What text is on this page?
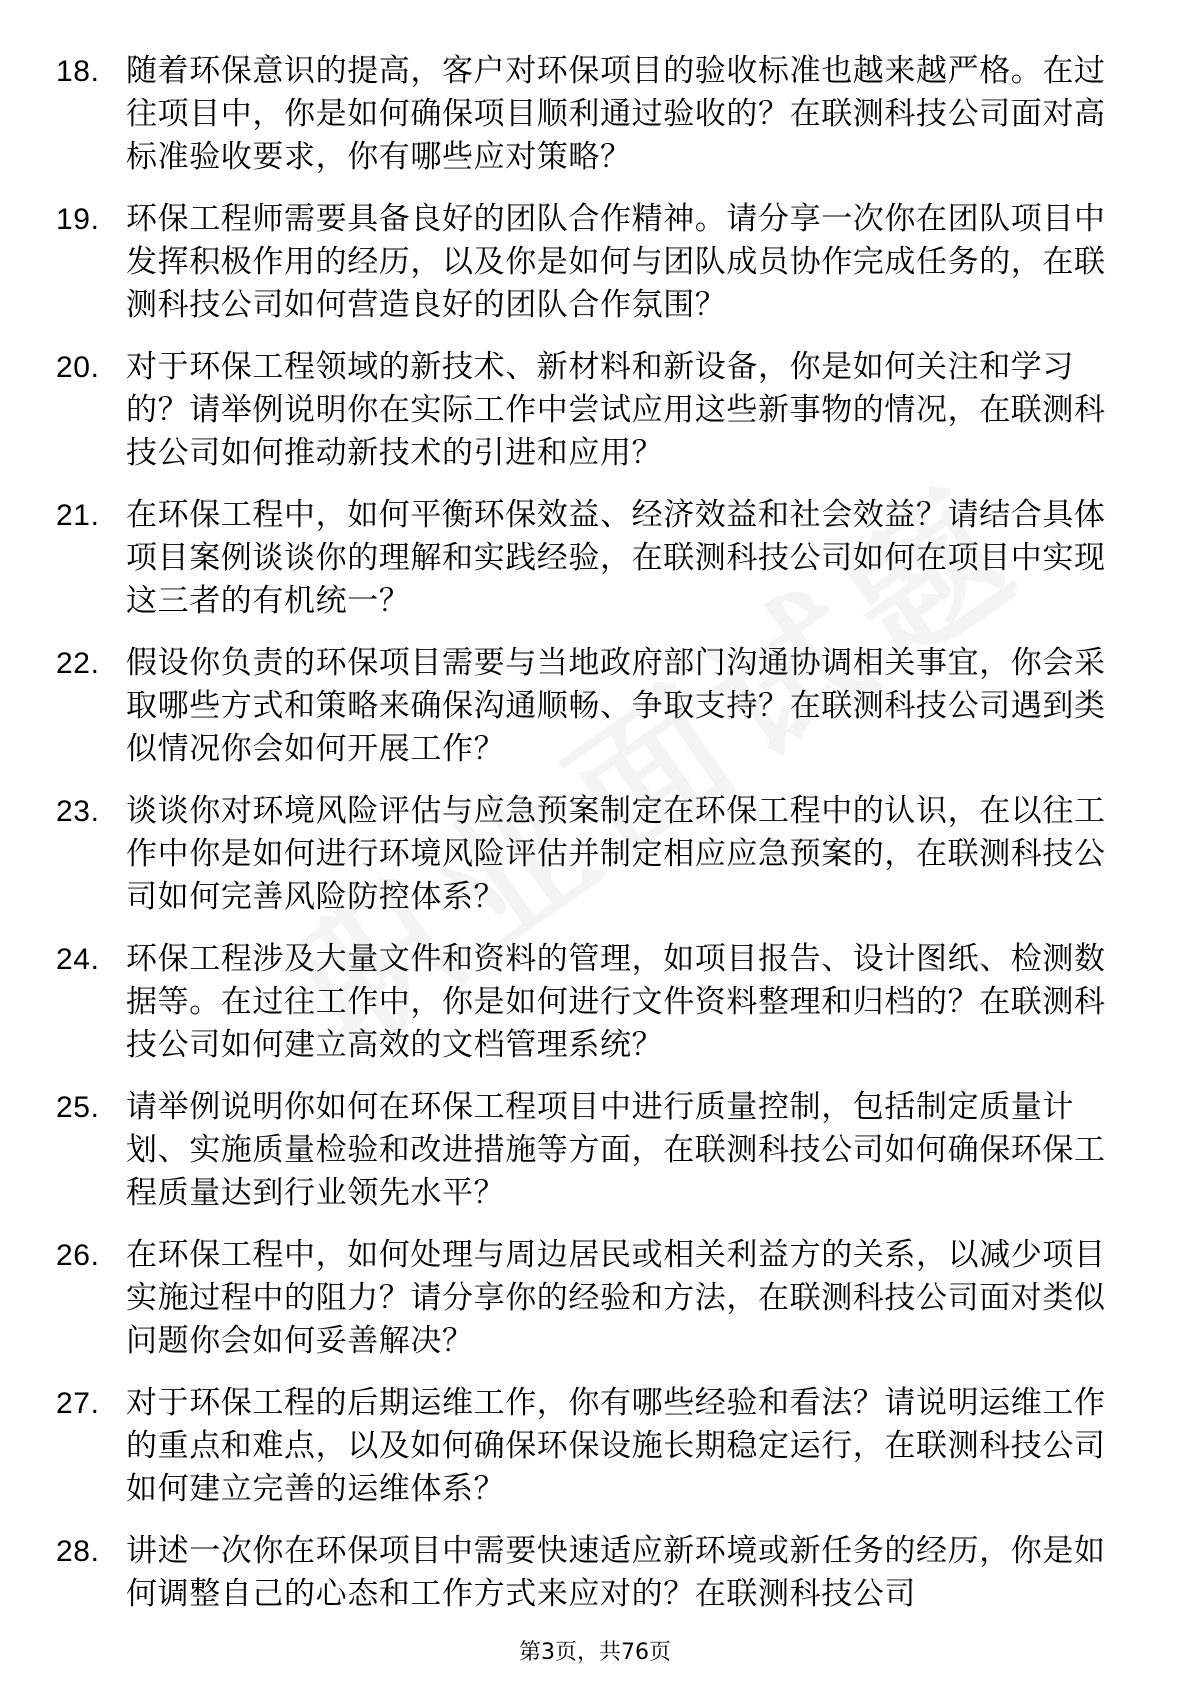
18. 随着环保意识的提高，客户对环保项目的验收标准也越来越严格。在过往项目中，你是如何确保项目顺利通过验收的？在联测科技公司面对高标准验收要求，你有哪些应对策略？
19. 环保工程师需要具备良好的团队合作精神。请分享一次你在团队项目中发挥积极作用的经历，以及你是如何与团队成员协作完成任务的，在联测科技公司如何营造良好的团队合作氛围？
20. 对于环保工程领域的新技术、新材料和新设备，你是如何关注和学习的？请举例说明你在实际工作中尝试应用这些新事物的情况，在联测科技公司如何推动新技术的引进和应用？
21. 在环保工程中，如何平衡环保效益、经济效益和社会效益？请结合具体项目案例谈谈你的理解和实践经验，在联测科技公司如何在项目中实现这三者的有机统一？
22. 假设你负责的环保项目需要与当地政府部门沟通协调相关事宜，你会采取哪些方式和策略来确保沟通顺畅、争取支持？在联测科技公司遇到类似情况你会如何开展工作？
23. 谈谈你对环境风险评估与应急预案制定在环保工程中的认识，在以往工作中你是如何进行环境风险评估并制定相应应急预案的，在联测科技公司如何完善风险防控体系？
24. 环保工程涉及大量文件和资料的管理，如项目报告、设计图纸、检测数据等。在过往工作中，你是如何进行文件资料整理和归档的？在联测科技公司如何建立高效的文档管理系统？
25. 请举例说明你如何在环保工程项目中进行质量控制，包括制定质量计划、实施质量检验和改进措施等方面，在联测科技公司如何确保环保工程质量达到行业领先水平？
26. 在环保工程中，如何处理与周边居民或相关利益方的关系，以减少项目实施过程中的阻力？请分享你的经验和方法，在联测科技公司面对类似问题你会如何妥善解决？
27. 对于环保工程的后期运维工作，你有哪些经验和看法？请说明运维工作的重点和难点，以及如何确保环保设施长期稳定运行，在联测科技公司如何建立完善的运维体系？
28. 讲述一次你在环保项目中需要快速适应新环境或新任务的经历，你是如何调整自己的心态和工作方式来应对的？在联测科技公司
第3页，共76页
